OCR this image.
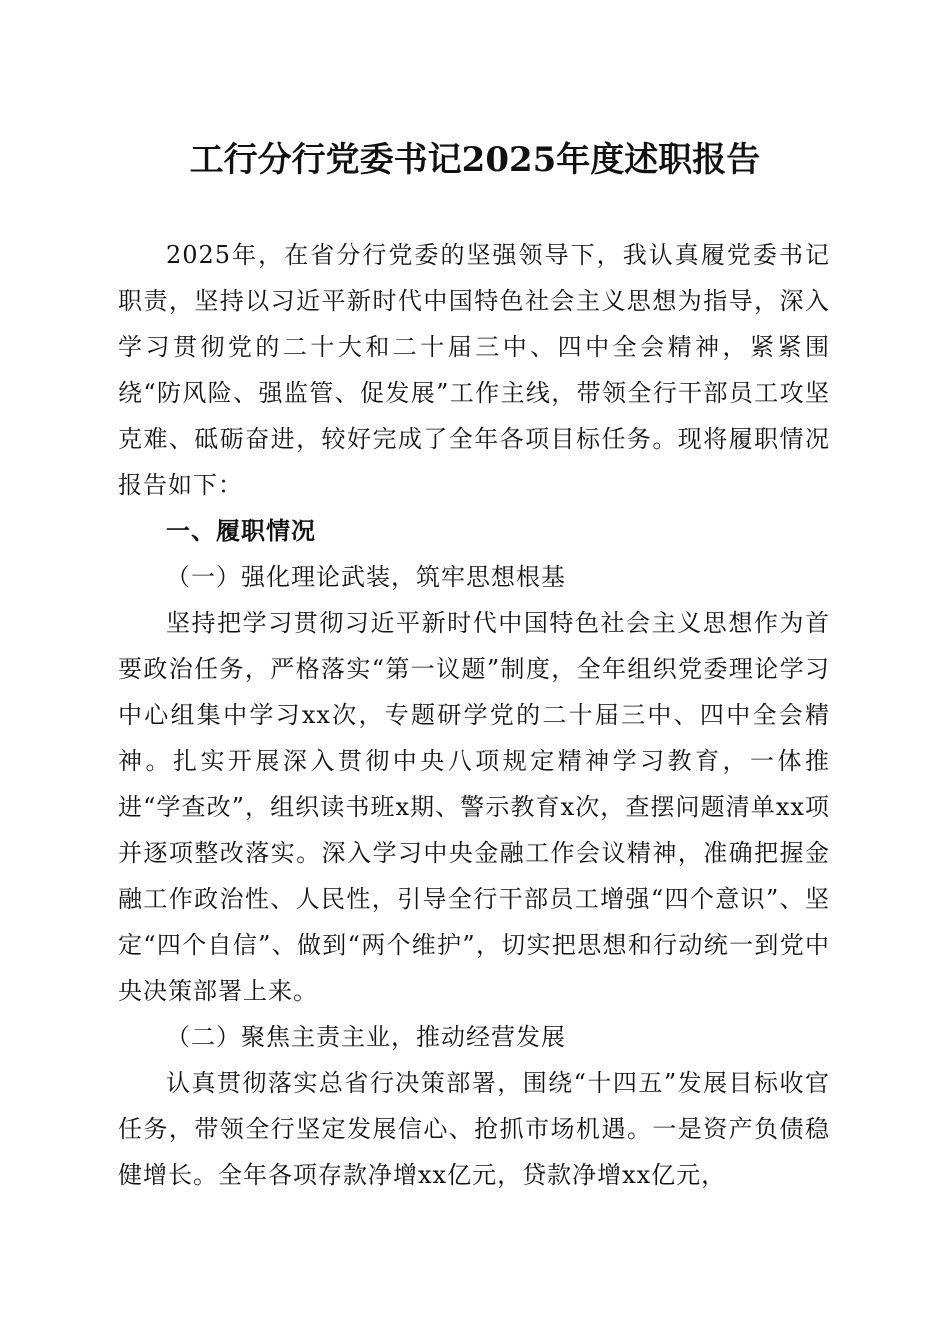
工行分行党委书记2025年度述职报告

2025年，在省分行党委的坚强领导下，我认真履党委书记职责，坚持以习近平新时代中国特色社会主义思想为指导，深入学习贯彻党的二十大和二十届三中、四中全会精神，紧紧围绕“防风险、强监管、促发展”工作主线，带领全行干部员工攻坚克难、砥砺奋进，较好完成了全年各项目标任务。现将履职情况报告如下：

一、履职情况

（一）强化理论武装，筑牢思想根基

坚持把学习贯彻习近平新时代中国特色社会主义思想作为首要政治任务，严格落实“第一议题”制度，全年组织党委理论学习中心组集中学习xx次，专题研学党的二十届三中、四中全会精神。扎实开展深入贯彻中央八项规定精神学习教育，一体推进“学查改”，组织读书班x期、警示教育x次，查摆问题清单xx项并逐项整改落实。深入学习中央金融工作会议精神，准确把握金融工作政治性、人民性，引导全行干部员工增强“四个意识”、坚定“四个自信”、做到“两个维护”，切实把思想和行动统一到党中央决策部署上来。

（二）聚焦主责主业，推动经营发展

认真贯彻落实总省行决策部署，围绕“十四五”发展目标收官任务，带领全行坚定发展信心、抢抓市场机遇。一是资产负债稳健增长。全年各项存款净增xx亿元，贷款净增xx亿元，
